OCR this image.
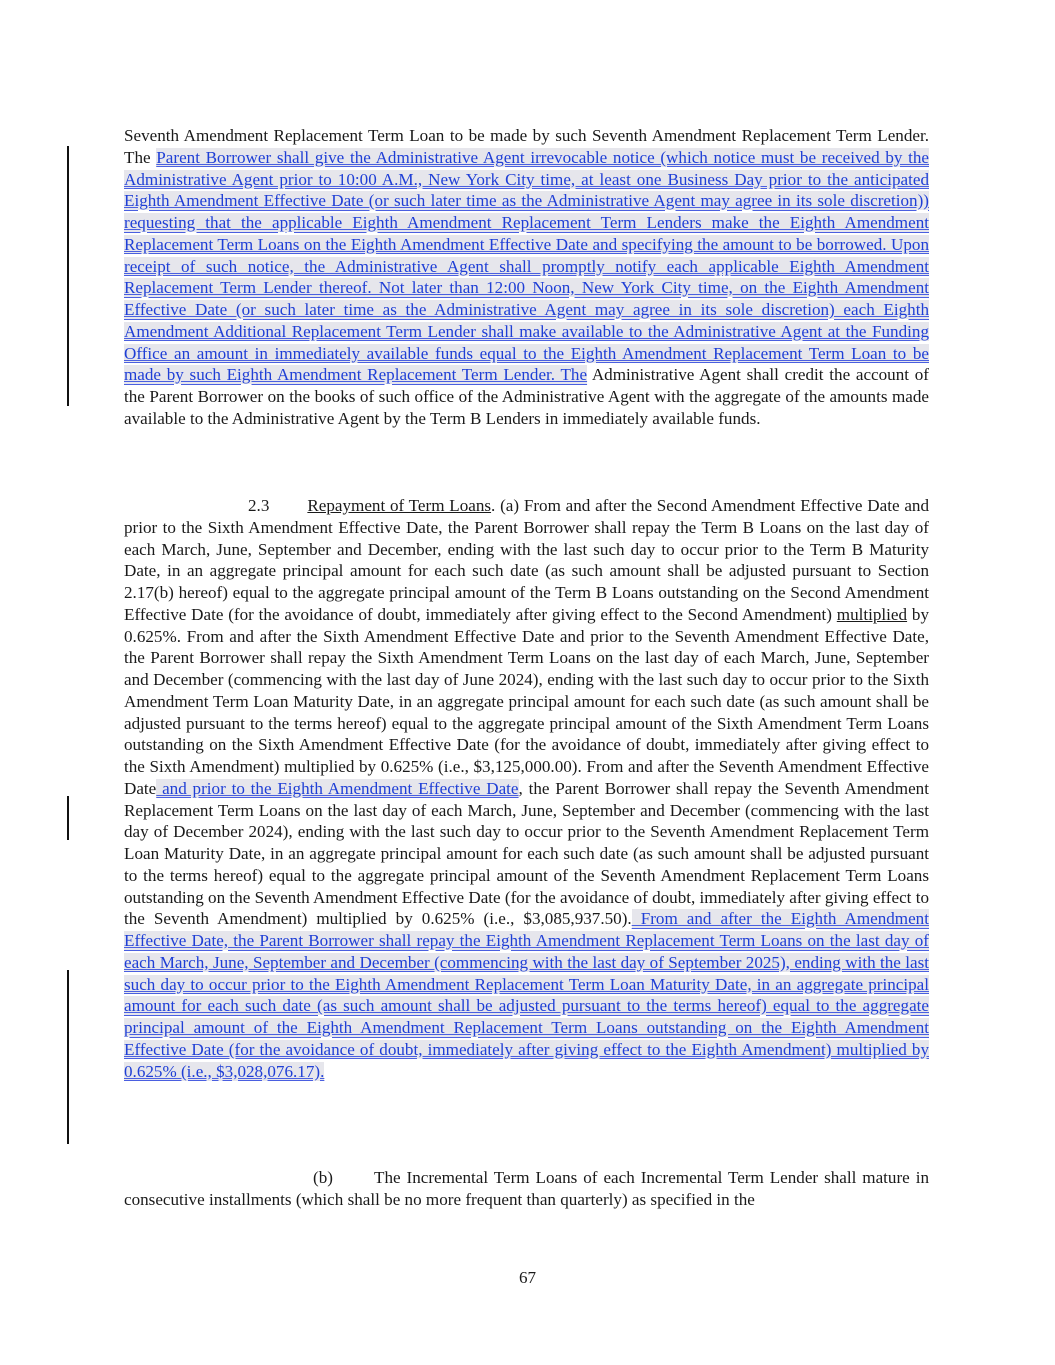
Seventh Amendment Replacement Term Loan to be made by such Seventh Amendment Replacement Term Lender. The Parent Borrower shall give the Administrative Agent irrevocable notice (which notice must be received by the Administrative Agent prior to 10:00 A.M., New York City time, at least one Business Day prior to the anticipated Eighth Amendment Effective Date (or such later time as the Administrative Agent may agree in its sole discretion)) requesting that the applicable Eighth Amendment Replacement Term Lenders make the Eighth Amendment Replacement Term Loans on the Eighth Amendment Effective Date and specifying the amount to be borrowed. Upon receipt of such notice, the Administrative Agent shall promptly notify each applicable Eighth Amendment Replacement Term Lender thereof. Not later than 12:00 Noon, New York City time, on the Eighth Amendment Effective Date (or such later time as the Administrative Agent may agree in its sole discretion) each Eighth Amendment Additional Replacement Term Lender shall make available to the Administrative Agent at the Funding Office an amount in immediately available funds equal to the Eighth Amendment Replacement Term Loan to be made by such Eighth Amendment Replacement Term Lender. The Administrative Agent shall credit the account of the Parent Borrower on the books of such office of the Administrative Agent with the aggregate of the amounts made available to the Administrative Agent by the Term B Lenders in immediately available funds.

2.3 Repayment of Term Loans. (a) From and after the Second Amendment Effective Date and prior to the Sixth Amendment Effective Date, the Parent Borrower shall repay the Term B Loans on the last day of each March, June, September and December, ending with the last such day to occur prior to the Term B Maturity Date, in an aggregate principal amount for each such date (as such amount shall be adjusted pursuant to Section 2.17(b) hereof) equal to the aggregate principal amount of the Term B Loans outstanding on the Second Amendment Effective Date (for the avoidance of doubt, immediately after giving effect to the Second Amendment) multiplied by 0.625%. From and after the Sixth Amendment Effective Date and prior to the Seventh Amendment Effective Date, the Parent Borrower shall repay the Sixth Amendment Term Loans on the last day of each March, June, September and December (commencing with the last day of June 2024), ending with the last such day to occur prior to the Sixth Amendment Term Loan Maturity Date, in an aggregate principal amount for each such date (as such amount shall be adjusted pursuant to the terms hereof) equal to the aggregate principal amount of the Sixth Amendment Term Loans outstanding on the Sixth Amendment Effective Date (for the avoidance of doubt, immediately after giving effect to the Sixth Amendment) multiplied by 0.625% (i.e., $3,125,000.00). From and after the Seventh Amendment Effective Date and prior to the Eighth Amendment Effective Date, the Parent Borrower shall repay the Seventh Amendment Replacement Term Loans on the last day of each March, June, September and December (commencing with the last day of December 2024), ending with the last such day to occur prior to the Seventh Amendment Replacement Term Loan Maturity Date, in an aggregate principal amount for each such date (as such amount shall be adjusted pursuant to the terms hereof) equal to the aggregate principal amount of the Seventh Amendment Replacement Term Loans outstanding on the Seventh Amendment Effective Date (for the avoidance of doubt, immediately after giving effect to the Seventh Amendment) multiplied by 0.625% (i.e., $3,085,937.50). From and after the Eighth Amendment Effective Date, the Parent Borrower shall repay the Eighth Amendment Replacement Term Loans on the last day of each March, June, September and December (commencing with the last day of September 2025), ending with the last such day to occur prior to the Eighth Amendment Replacement Term Loan Maturity Date, in an aggregate principal amount for each such date (as such amount shall be adjusted pursuant to the terms hereof) equal to the aggregate principal amount of the Eighth Amendment Replacement Term Loans outstanding on the Eighth Amendment Effective Date (for the avoidance of doubt, immediately after giving effect to the Eighth Amendment) multiplied by 0.625% (i.e., $3,028,076.17).

(b) The Incremental Term Loans of each Incremental Term Lender shall mature in consecutive installments (which shall be no more frequent than quarterly) as specified in the

67
